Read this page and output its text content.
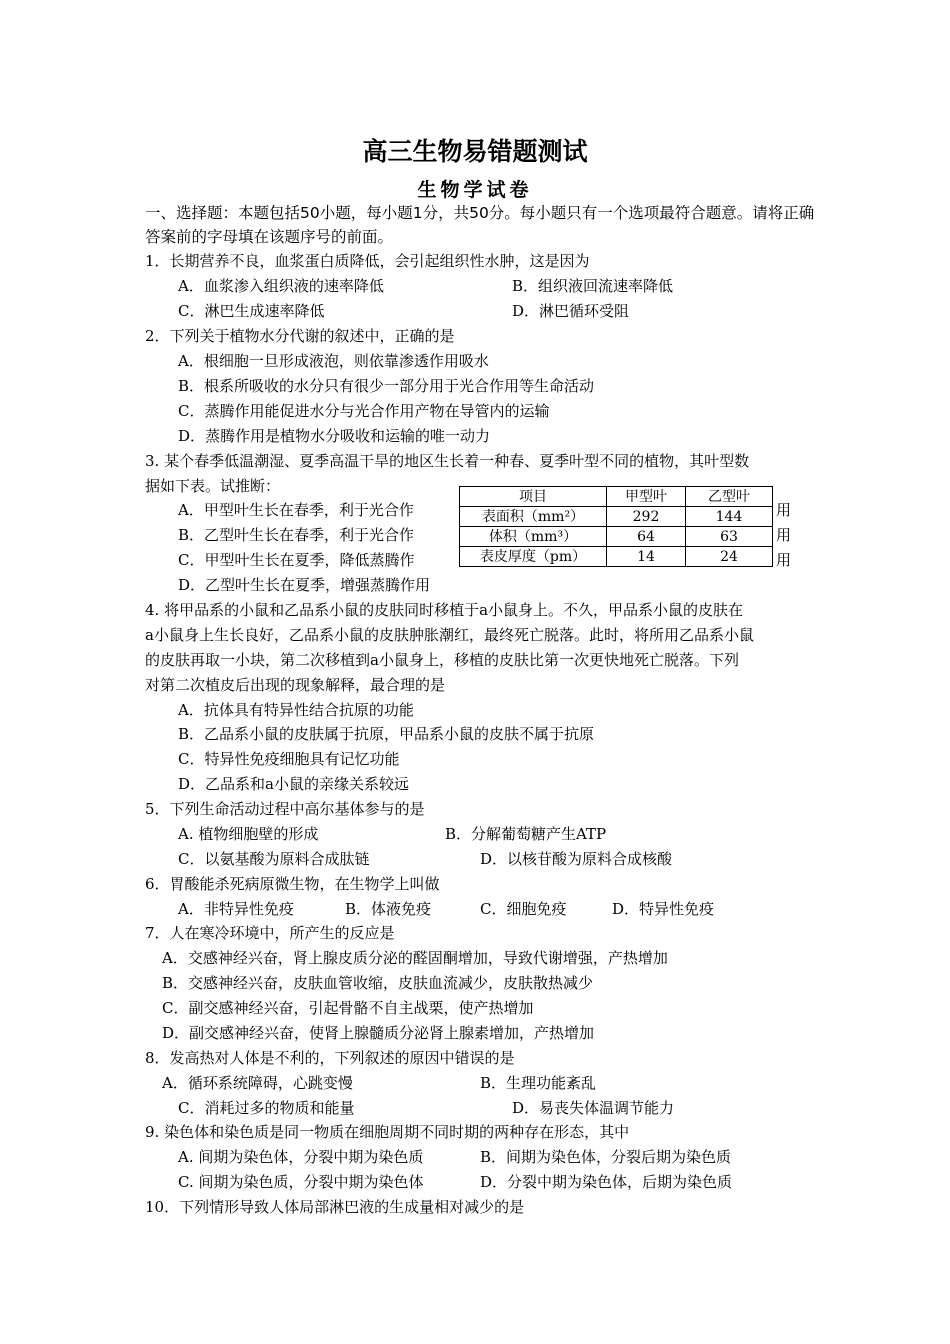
高三生物易错题测试
生物学试卷
一、选择题：本题包括50小题，每小题1分，共50分。每小题只有一个选项最符合题意。请将正确答案前的字母填在该题序号的前面。
1．长期营养不良，血浆蛋白质降低，会引起组织性水肿，这是因为
A．血浆渗入组织液的速率降低	B．组织液回流速率降低
C．淋巴生成速率降低	D．淋巴循环受阻
2．下列关于植物水分代谢的叙述中，正确的是
A．根细胞一旦形成液泡，则依靠渗透作用吸水
B．根系所吸收的水分只有很少一部分用于光合作用等生命活动
C．蒸腾作用能促进水分与光合作用产物在导管内的运输
D．蒸腾作用是植物水分吸收和运输的唯一动力
3. 某个春季低温潮湿、夏季高温干旱的地区生长着一种春、夏季叶型不同的植物，其叶型数
据如下表。试推断：
A．甲型叶生长在春季，利于光合作
B．乙型叶生长在春季，利于光合作
C．甲型叶生长在夏季，降低蒸腾作
D．乙型叶生长在夏季，增强蒸腾作用
用
用
用
项目	甲型叶	乙型叶
表面积（mm²）	292	144
体积（mm³）	64	63
表皮厚度（pm）	14	24
4. 将甲品系的小鼠和乙品系小鼠的皮肤同时移植于a小鼠身上。不久，甲品系小鼠的皮肤在
a小鼠身上生长良好，乙品系小鼠的皮肤肿胀潮红，最终死亡脱落。此时，将所用乙品系小鼠
的皮肤再取一小块，第二次移植到a小鼠身上，移植的皮肤比第一次更快地死亡脱落。下列
对第二次植皮后出现的现象解释，最合理的是
A．抗体具有特异性结合抗原的功能
B．乙品系小鼠的皮肤属于抗原，甲品系小鼠的皮肤不属于抗原
C．特异性免疫细胞具有记忆功能
D．乙品系和a小鼠的亲缘关系较远
5．下列生命活动过程中高尔基体参与的是
A. 植物细胞壁的形成	B．分解葡萄糖产生ATP
C．以氨基酸为原料合成肽链	D．以核苷酸为原料合成核酸
6．胃酸能杀死病原微生物，在生物学上叫做
A．非特异性免疫	B．体液免疫	C．细胞免疫	D．特异性免疫
7．人在寒冷环境中，所产生的反应是
A．交感神经兴奋，肾上腺皮质分泌的醛固酮增加，导致代谢增强，产热增加
B．交感神经兴奋，皮肤血管收缩，皮肤血流减少，皮肤散热减少
C．副交感神经兴奋，引起骨骼不自主战栗，使产热增加
D．副交感神经兴奋，使肾上腺髓质分泌肾上腺素增加，产热增加
8．发高热对人体是不利的，下列叙述的原因中错误的是
A．循环系统障碍，心跳变慢	B．生理功能紊乱
C．消耗过多的物质和能量	D．易丧失体温调节能力
9. 染色体和染色质是同一物质在细胞周期不同时期的两种存在形态，其中
A. 间期为染色体，分裂中期为染色质	B．间期为染色体，分裂后期为染色质
C. 间期为染色质，分裂中期为染色体	D．分裂中期为染色体，后期为染色质
10．下列情形导致人体局部淋巴液的生成量相对减少的是
